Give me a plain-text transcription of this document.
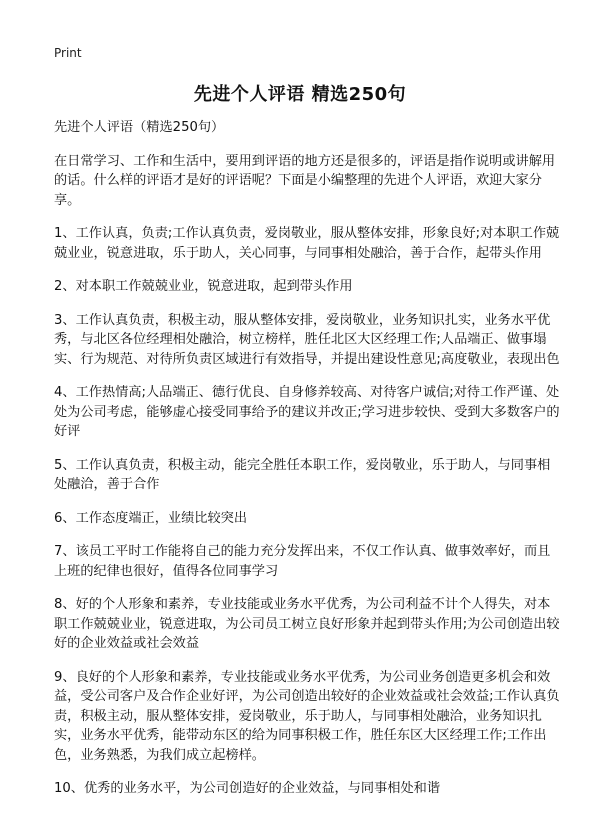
Print
先进个人评语 精选250句

先进个人评语（精选250句）

在日常学习、工作和生活中，要用到评语的地方还是很多的，评语是指作说明或讲解用的话。什么样的评语才是好的评语呢？下面是小编整理的先进个人评语，欢迎大家分享。

1、工作认真，负责;工作认真负责，爱岗敬业，服从整体安排，形象良好;对本职工作兢兢业业，锐意进取，乐于助人，关心同事，与同事相处融洽，善于合作，起带头作用

2、对本职工作兢兢业业，锐意进取，起到带头作用

3、工作认真负责，积极主动，服从整体安排，爱岗敬业，业务知识扎实，业务水平优秀，与北区各位经理相处融洽，树立榜样，胜任北区大区经理工作;人品端正、做事塌实、行为规范、对待所负责区域进行有效指导，并提出建设性意见;高度敬业，表现出色

4、工作热情高;人品端正、德行优良、自身修养较高、对待客户诚信;对待工作严谨、处处为公司考虑，能够虚心接受同事给予的建议并改正;学习进步较快、受到大多数客户的好评

5、工作认真负责，积极主动，能完全胜任本职工作，爱岗敬业，乐于助人，与同事相处融洽，善于合作

6、工作态度端正，业绩比较突出

7、该员工平时工作能将自己的能力充分发挥出来，不仅工作认真、做事效率好，而且上班的纪律也很好，值得各位同事学习

8、好的个人形象和素养，专业技能或业务水平优秀，为公司利益不计个人得失，对本职工作兢兢业业，锐意进取，为公司员工树立良好形象并起到带头作用;为公司创造出较好的企业效益或社会效益

9、良好的个人形象和素养，专业技能或业务水平优秀，为公司业务创造更多机会和效益，受公司客户及合作企业好评，为公司创造出较好的企业效益或社会效益;工作认真负责，积极主动，服从整体安排，爱岗敬业，乐于助人，与同事相处融洽，业务知识扎实，业务水平优秀，能带动东区的给为同事积极工作，胜任东区大区经理工作;工作出色，业务熟悉，为我们成立起榜样。

10、优秀的业务水平，为公司创造好的企业效益，与同事相处和谐
